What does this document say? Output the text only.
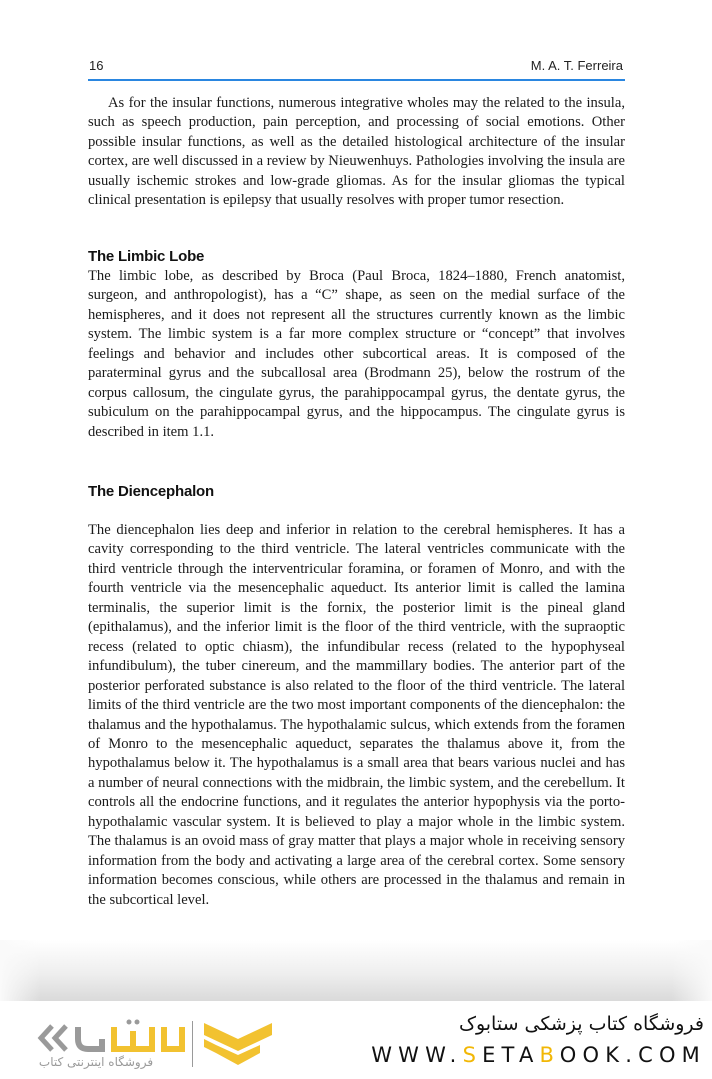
16	M. A. T. Ferreira

As for the insular functions, numerous integrative wholes may the related to the insula, such as speech production, pain perception, and processing of social emotions. Other possible insular functions, as well as the detailed histological architecture of the insular cortex, are well discussed in a review by Nieuwenhuys. Pathologies involving the insula are usually ischemic strokes and low-grade gliomas. As for the insular gliomas the typical clinical presentation is epilepsy that usually resolves with proper tumor resection.

The Limbic Lobe

The limbic lobe, as described by Broca (Paul Broca, 1824–1880, French anatomist, surgeon, and anthropologist), has a “C” shape, as seen on the medial surface of the hemispheres, and it does not represent all the structures currently known as the limbic system. The limbic system is a far more complex structure or “concept” that involves feelings and behavior and includes other subcortical areas. It is composed of the paraterminal gyrus and the subcallosal area (Brodmann 25), below the rostrum of the corpus callosum, the cingulate gyrus, the parahippocampal gyrus, the dentate gyrus, the subiculum on the parahippocampal gyrus, and the hippocampus. The cingulate gyrus is described in item 1.1.

The Diencephalon

The diencephalon lies deep and inferior in relation to the cerebral hemispheres. It has a cavity corresponding to the third ventricle. The lateral ventricles communicate with the third ventricle through the interventricular foramina, or foramen of Monro, and with the fourth ventricle via the mesencephalic aqueduct. Its anterior limit is called the lamina terminalis, the superior limit is the fornix, the posterior limit is the pineal gland (epithalamus), and the inferior limit is the floor of the third ventricle, with the supraoptic recess (related to optic chiasm), the infundibular recess (related to the hypophyseal infundibulum), the tuber cinereum, and the mammillary bodies. The anterior part of the posterior perforated substance is also related to the floor of the third ventricle. The lateral limits of the third ventricle are the two most important components of the diencephalon: the thalamus and the hypothalamus. The hypothalamic sulcus, which extends from the foramen of Monro to the mesencephalic aqueduct, separates the thalamus above it, from the hypothalamus below it. The hypothalamus is a small area that bears various nuclei and has a number of neural connections with the midbrain, the limbic system, and the cerebellum. It controls all the endocrine functions, and it regulates the anterior hypophysis via the porto-hypothalamic vascular system. It is believed to play a major whole in the limbic system. The thalamus is an ovoid mass of gray matter that plays a major whole in receiving sensory information from the body and activating a large area of the cerebral cortex. Some sensory information becomes conscious, while others are processed in the thalamus and remain in the subcortical level.

فروشگاه اینترنتی کتاب
فروشگاه کتاب پزشکی ستابوک
WWW.SETABOOK.COM
